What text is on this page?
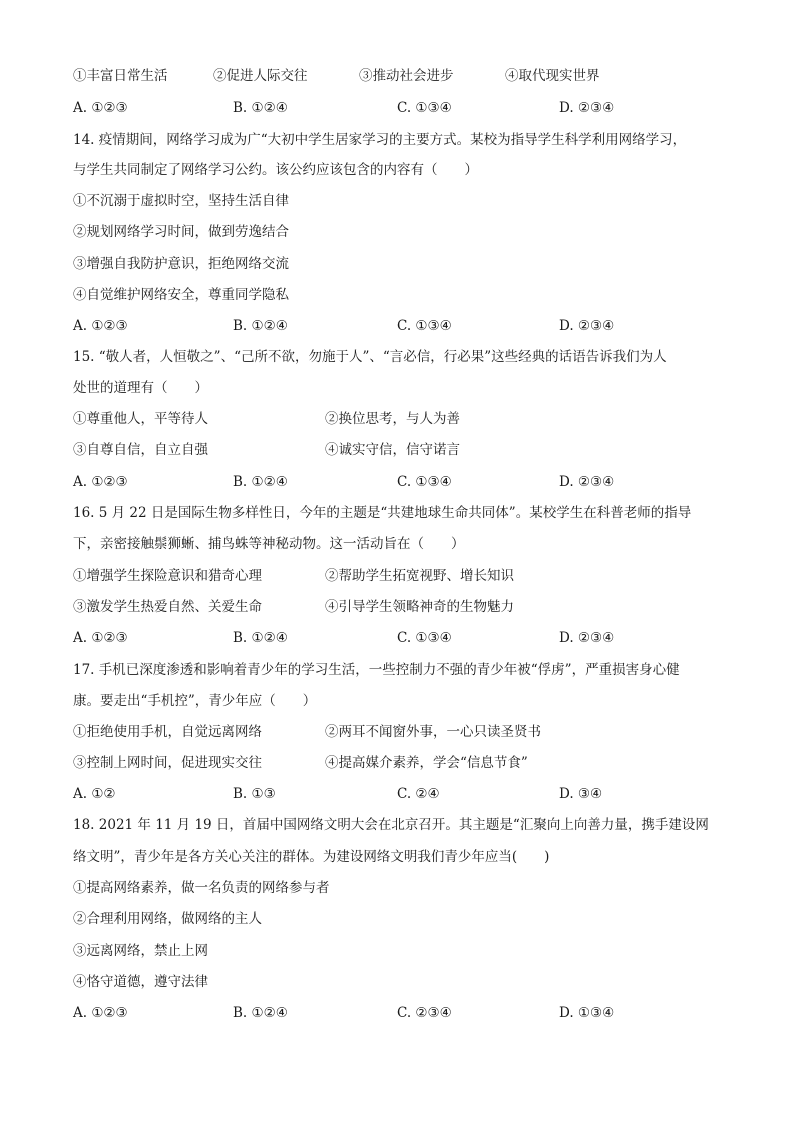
①丰富日常生活	②促进人际交往	③推动社会进步	④取代现实世界
A. ①②③	B. ①②④	C. ①③④	D. ②③④
14. 疫情期间，网络学习成为广“大初中学生居家学习的主要方式。某校为指导学生科学利用网络学习，
与学生共同制定了网络学习公约。该公约应该包含的内容有（　　）
①不沉溺于虚拟时空，坚持生活自律
②规划网络学习时间，做到劳逸结合
③增强自我防护意识，拒绝网络交流
④自觉维护网络安全，尊重同学隐私
A. ①②③	B. ①②④	C. ①③④	D. ②③④
15. “敬人者，人恒敬之”、“己所不欲，勿施于人”、“言必信，行必果”这些经典的话语告诉我们为人
处世的道理有（　　）
①尊重他人，平等待人	②换位思考，与人为善
③自尊自信，自立自强	④诚实守信，信守诺言
A. ①②③	B. ①②④	C. ①③④	D. ②③④
16. 5 月 22 日是国际生物多样性日，今年的主题是“共建地球生命共同体”。某校学生在科普老师的指导
下，亲密接触鬃狮蜥、捕鸟蛛等神秘动物。这一活动旨在（　　）
①增强学生探险意识和猎奇心理	②帮助学生拓宽视野、增长知识
③激发学生热爱自然、关爱生命	④引导学生领略神奇的生物魅力
A. ①②③	B. ①②④	C. ①③④	D. ②③④
17. 手机已深度渗透和影响着青少年的学习生活，一些控制力不强的青少年被“俘虏”，严重损害身心健
康。要走出“手机控”，青少年应（　　）
①拒绝使用手机，自觉远离网络	②两耳不闻窗外事，一心只读圣贤书
③控制上网时间，促进现实交往	④提高媒介素养，学会“信息节食”
A. ①②	B. ①③	C. ②④	D. ③④
18. 2021 年 11 月 19 日，首届中国网络文明大会在北京召开。其主题是“汇聚向上向善力量，携手建设网
络文明”，青少年是各方关心关注的群体。为建设网络文明我们青少年应当(　　)
①提高网络素养，做一名负责的网络参与者
②合理利用网络，做网络的主人
③远离网络，禁止上网
④恪守道德，遵守法律
A. ①②③	B. ①②④	C. ②③④	D. ①③④
